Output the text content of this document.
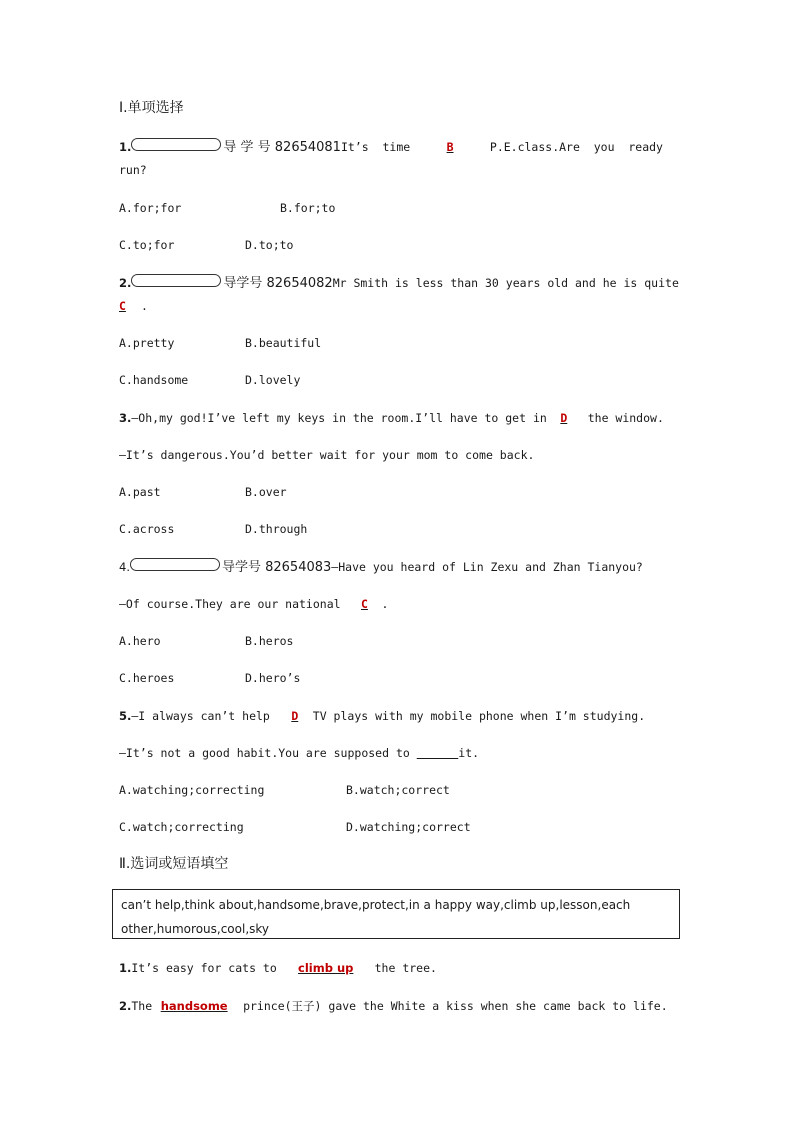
Ⅰ.单项选择
1.	导 学 号 82654081It’s  time  B  P.E.class.Are  you  ready
run?
A.for;for	B.for;to
C.to;for	D.to;to
2.	导学号 82654082Mr Smith is less than 30 years old and he is quite
C .
A.pretty	B.beautiful
C.handsome	D.lovely
3.—Oh,my god!I’ve left my keys in the room.I’ll have to get in D the window.
—It’s dangerous.You’d better wait for your mom to come back.
A.past	B.over
C.across	D.through
4.	导学号 82654083—Have you heard of Lin Zexu and Zhan Tianyou?
—Of course.They are our national C .
A.hero	B.heros
C.heroes	D.hero’s
5.—I always can’t help D TV plays with my mobile phone when I’m studying.
—It’s not a good habit.You are supposed to	it.
A.watching;correcting	B.watch;correct
C.watch;correcting	D.watching;correct
Ⅱ.选词或短语填空
can’t help,think about,handsome,brave,protect,in a happy way,climb up,lesson,each
other,humorous,cool,sky
1.It’s easy for cats to climb up the tree.
2.The handsome prince(王子) gave the White a kiss when she came back to life.
